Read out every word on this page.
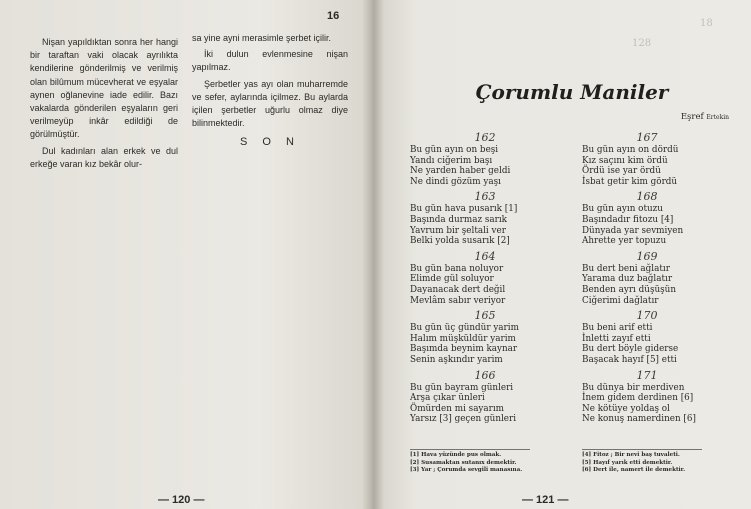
16

Nişan yapıldıktan sonra her hangi bir taraftan vaki olacak ayrılıkta kendilerine gönderilmiş ve verilmiş olan bilûmum mücevherat ve eşyalar aynen oğlanevine iade edilir. Bazı vakalarda gönderilen eşyaların geri verilmeyüp inkâr edildiği de görülmüştür.

Dul kadınları alan erkek ve dul erkeğe varan kız bekâr olur-

sa yine ayni merasimle şerbet içilir.

İki dulun evlenmesine nişan yapılmaz.

Şerbetler yas ayı olan muharremde ve sefer, aylarında içilmez. Bu aylarda içilen şerbetler uğurlu olmaz diye bilinmektedir.

S O N
— 120 —
18
128
Çorumlu Maniler
Eşref Ertekin
162
Bu gün ayın on beşi
Yandı ciğerim başı
Ne yarden haber geldi
Ne dindi gözüm yaşı
163
Bu gün hava pusarık [1]
Başında durmaz sarık
Yavrum bir şeltali ver
Belki yolda susarık [2]
164
Bu gün bana noluyor
Elimde gül soluyor
Dayanacak dert değil
Mevlâm sabır veriyor
165
Bu gün üç gündür yarim
Halım müşküldür yarim
Başımda beynim kaynar
Senin aşkındır yarim
166
Bu gün bayram günleri
Arşa çıkar ünleri
Ömürden mi sayarım
Yarsız [3] geçen günleri
167
Bu gün ayın on dördü
Kız saçını kim ördü
Ördü ise yar ördü
İsbat getir kim gördü
168
Bu gün ayın otuzu
Başındadır fitozu [4]
Dünyada yar sevmiyen
Ahrette yer topuzu
169
Bu dert beni ağlatır
Yarama duz bağlatır
Benden ayrı düşüşün
Ciğerimi dağlatır
170
Bu beni arif etti
İnletti zayıf etti
Bu dert böyle giderse
Başacak hayıf [5] etti
171
Bu dünya bir merdiven
İnem gidem derdinen [6]
Ne kötüye yoldaş ol
Ne konuş namerdinen [6]
[1] Hava yüzünde pus olmak.
[2] Susamaktan sutanıx demektir.
[3] Yar ; Çorumda sevgili manasına.
[4] Fitoz ; Bir nevi baş tuvaleti.
[5] Hayıf yarık etti demektir.
[6] Dert ile, namert ile demektir.
— 121 —
